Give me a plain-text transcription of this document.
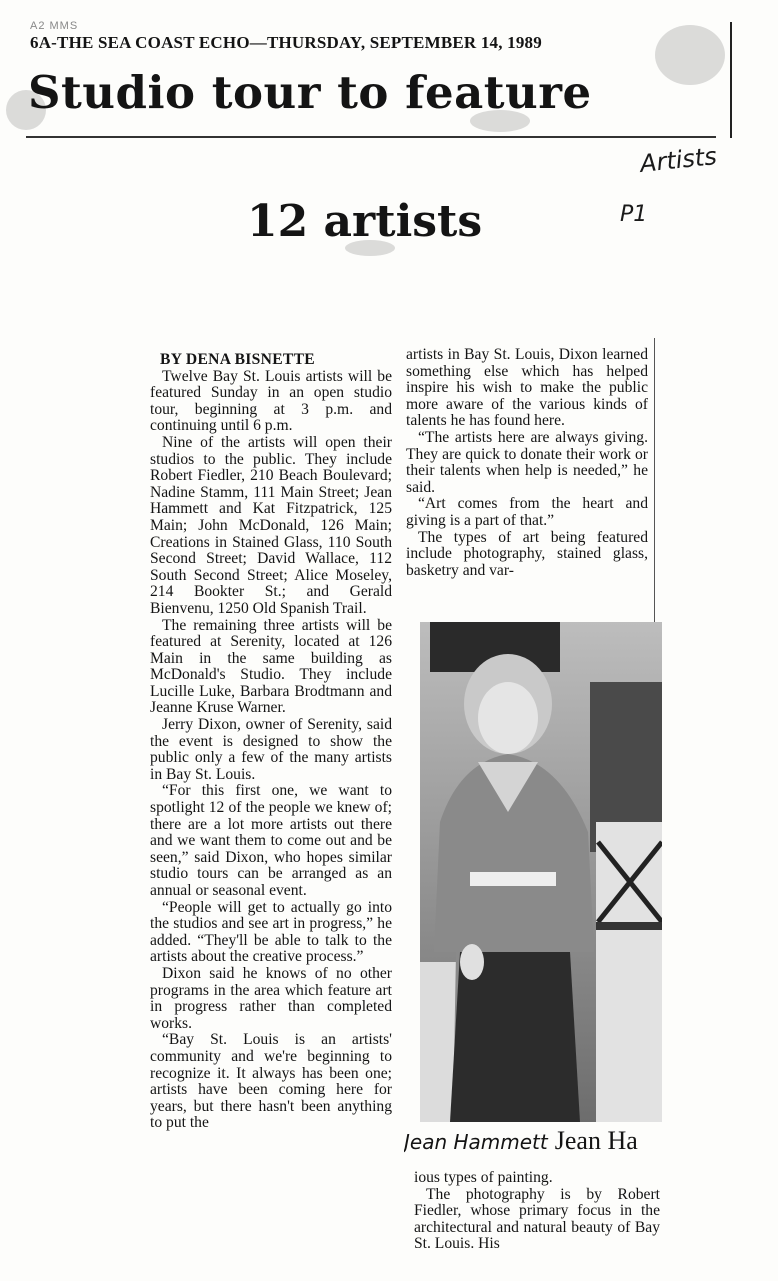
A2 MMS
6A-THE SEA COAST ECHO—THURSDAY, SEPTEMBER 14, 1989
Studio tour to feature
12 artists
Artists
P1

BY DENA BISNETTE

Twelve Bay St. Louis artists will be featured Sunday in an open studio tour, beginning at 3 p.m. and continuing until 6 p.m.

Nine of the artists will open their studios to the public. They include Robert Fiedler, 210 Beach Boulevard; Nadine Stamm, 111 Main Street; Jean Hammett and Kat Fitzpatrick, 125 Main; John McDonald, 126 Main; Creations in Stained Glass, 110 South Second Street; David Wallace, 112 South Second Street; Alice Moseley, 214 Bookter St.; and Gerald Bienvenu, 1250 Old Spanish Trail.

The remaining three artists will be featured at Serenity, located at 126 Main in the same building as McDonald's Studio. They include Lucille Luke, Barbara Brodtmann and Jeanne Kruse Warner.

Jerry Dixon, owner of Serenity, said the event is designed to show the public only a few of the many artists in Bay St. Louis.

“For this first one, we want to spotlight 12 of the people we knew of; there are a lot more artists out there and we want them to come out and be seen,” said Dixon, who hopes similar studio tours can be arranged as an annual or seasonal event.

“People will get to actually go into the studios and see art in progress,” he added. “They'll be able to talk to the artists about the creative process.”

Dixon said he knows of no other programs in the area which feature art in progress rather than completed works.

“Bay St. Louis is an artists' community and we're beginning to recognize it. It always has been one; artists have been coming here for years, but there hasn't been anything to put the

artists in Bay St. Louis, Dixon learned something else which has helped inspire his wish to make the public more aware of the various kinds of talents he has found here.

“The artists here are always giving. They are quick to donate their work or their talents when help is needed,” he said.

“Art comes from the heart and giving is a part of that.”

The types of art being featured include photography, stained glass, basketry and var-

Jean Hammett Jean Ha

ious types of painting.

The photography is by Robert Fiedler, whose primary focus in the architectural and natural beauty of Bay St. Louis. His
